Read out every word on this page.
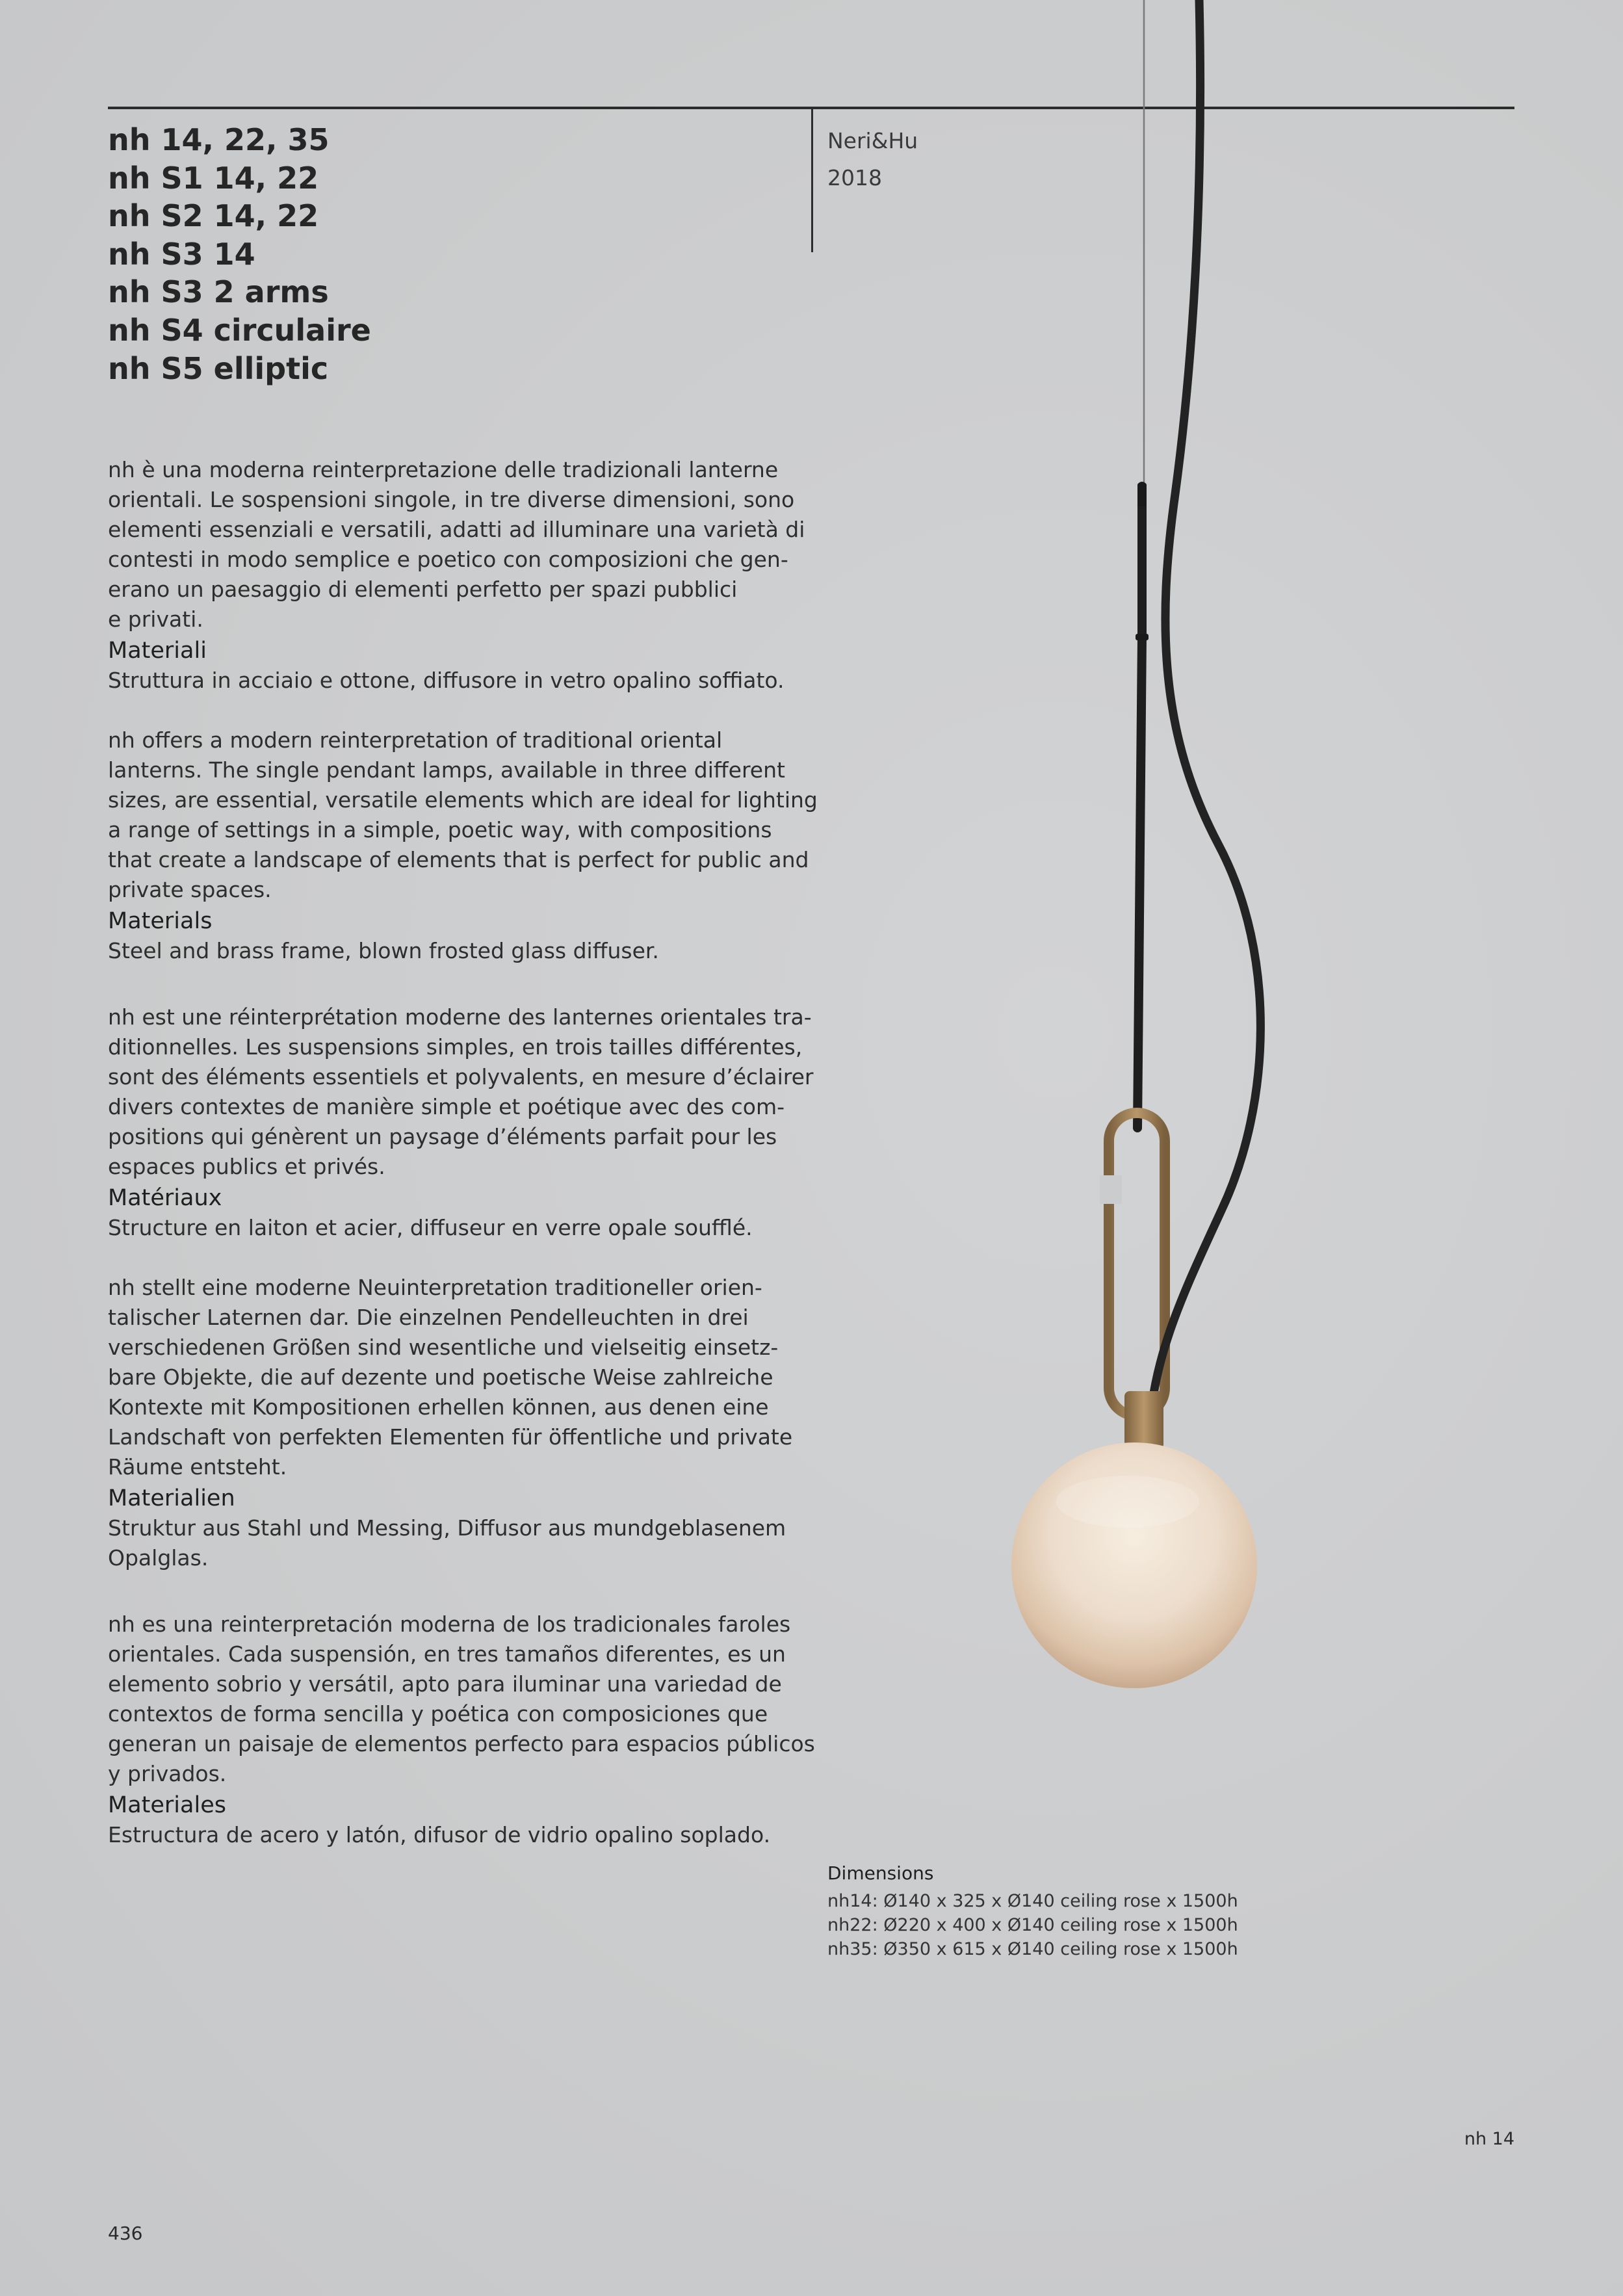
nh 14, 22, 35
nh S1 14, 22
nh S2 14, 22
nh S3 14
nh S3 2 arms
nh S4 circulaire
nh S5 elliptic
Neri&Hu
2018

nh è una moderna reinterpretazione delle tradizionali lanterne
orientali. Le sospensioni singole, in tre diverse dimensioni, sono
elementi essenziali e versatili, adatti ad illuminare una varietà di
contesti in modo semplice e poetico con composizioni che gen-
erano un paesaggio di elementi perfetto per spazi pubblici
e privati.

Materiali
Struttura in acciaio e ottone, diffusore in vetro opalino soffiato.

nh offers a modern reinterpretation of traditional oriental
lanterns. The single pendant lamps, available in three different
sizes, are essential, versatile elements which are ideal for lighting
a range of settings in a simple, poetic way, with compositions
that create a landscape of elements that is perfect for public and
private spaces.

Materials
Steel and brass frame, blown frosted glass diffuser.

nh est une réinterprétation moderne des lanternes orientales tra-
ditionnelles. Les suspensions simples, en trois tailles différentes,
sont des éléments essentiels et polyvalents, en mesure d’éclairer
divers contextes de manière simple et poétique avec des com-
positions qui génèrent un paysage d’éléments parfait pour les
espaces publics et privés.

Matériaux
Structure en laiton et acier, diffuseur en verre opale soufflé.

nh stellt eine moderne Neuinterpretation traditioneller orien-
talischer Laternen dar. Die einzelnen Pendelleuchten in drei
verschiedenen Größen sind wesentliche und vielseitig einsetz-
bare Objekte, die auf dezente und poetische Weise zahlreiche
Kontexte mit Kompositionen erhellen können, aus denen eine
Landschaft von perfekten Elementen für öffentliche und private
Räume entsteht.

Materialien
Struktur aus Stahl und Messing, Diffusor aus mundgeblasenem
Opalglas.

nh es una reinterpretación moderna de los tradicionales faroles
orientales. Cada suspensión, en tres tamaños diferentes, es un
elemento sobrio y versátil, apto para iluminar una variedad de
contextos de forma sencilla y poética con composiciones que
generan un paisaje de elementos perfecto para espacios públicos
y privados.

Materiales
Estructura de acero y latón, difusor de vidrio opalino soplado.
Dimensions
nh14: Ø140 x 325 x Ø140 ceiling rose x 1500h
nh22: Ø220 x 400 x Ø140 ceiling rose x 1500h
nh35: Ø350 x 615 x Ø140 ceiling rose x 1500h
nh 14
436
